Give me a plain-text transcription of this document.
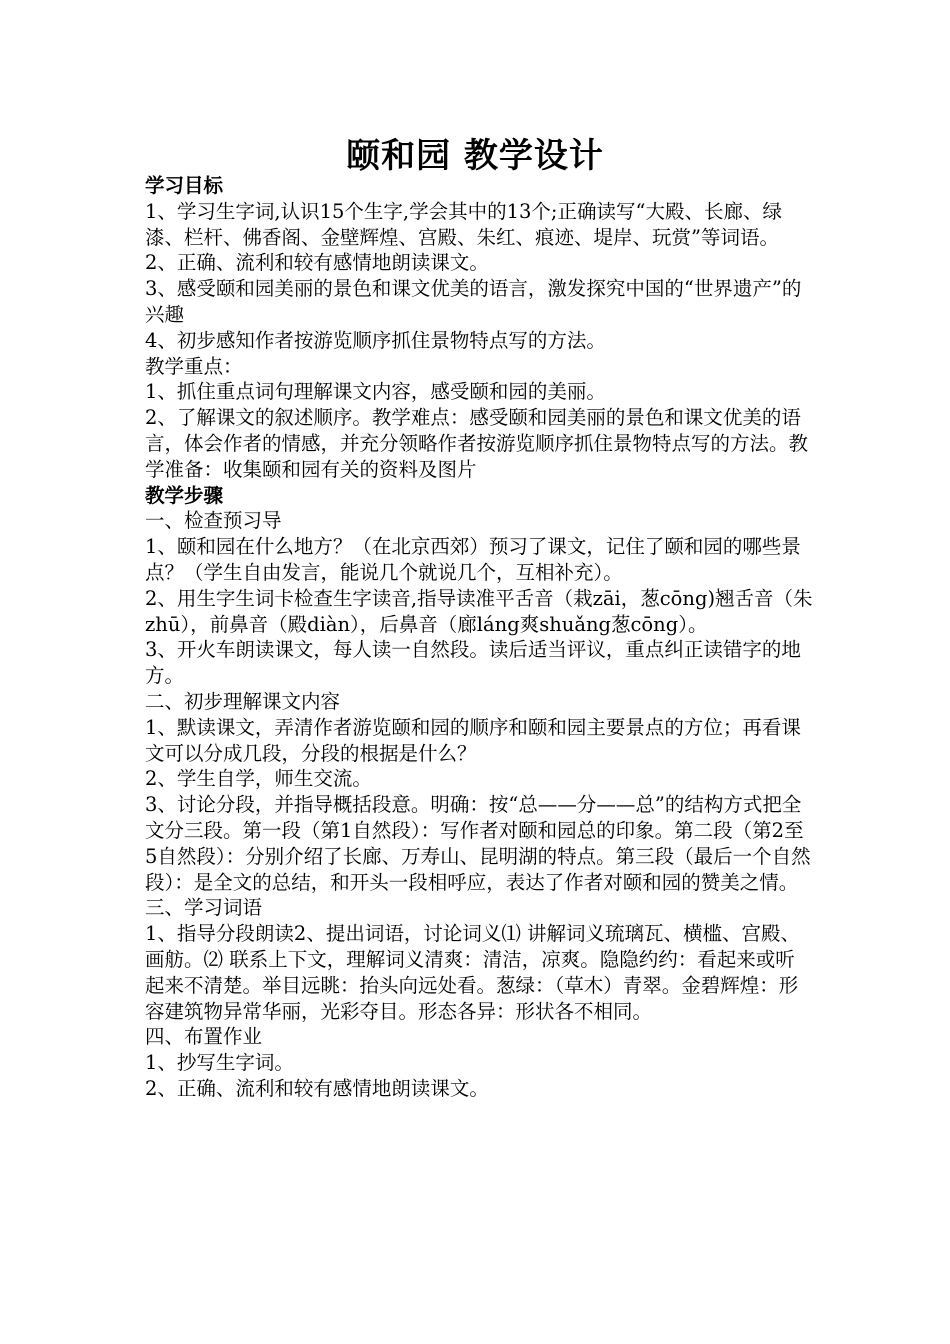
颐和园 教学设计

学习目标

1、学习生字词,认识15个生字,学会其中的13个;正确读写“大殿、长廊、绿漆、栏杆、佛香阁、金壁辉煌、宫殿、朱红、痕迹、堤岸、玩赏”等词语。

2、正确、流利和较有感情地朗读课文。

3、感受颐和园美丽的景色和课文优美的语言，激发探究中国的“世界遗产”的兴趣

4、初步感知作者按游览顺序抓住景物特点写的方法。

教学重点：

1、抓住重点词句理解课文内容，感受颐和园的美丽。

2、了解课文的叙述顺序。教学难点：感受颐和园美丽的景色和课文优美的语言，体会作者的情感，并充分领略作者按游览顺序抓住景物特点写的方法。教学准备：收集颐和园有关的资料及图片

教学步骤

一、检查预习导

1、颐和园在什么地方？（在北京西郊）预习了课文，记住了颐和园的哪些景点？（学生自由发言，能说几个就说几个，互相补充）。

2、用生字生词卡检查生字读音,指导读准平舌音（栽zāi，葱cōng)翘舌音（朱zhū），前鼻音（殿diàn），后鼻音（廊láng爽shuǎng葱cōng）。

3、开火车朗读课文，每人读一自然段。读后适当评议，重点纠正读错字的地方。

二、初步理解课文内容

1、默读课文，弄清作者游览颐和园的顺序和颐和园主要景点的方位；再看课文可以分成几段，分段的根据是什么？

2、学生自学，师生交流。

3、讨论分段，并指导概括段意。明确：按“总——分——总”的结构方式把全文分三段。第一段（第1自然段）：写作者对颐和园总的印象。第二段（第2至5自然段）：分别介绍了长廊、万寿山、昆明湖的特点。第三段（最后一个自然段）：是全文的总结，和开头一段相呼应，表达了作者对颐和园的赞美之情。

三、学习词语

1、指导分段朗读2、提出词语，讨论词义⑴ 讲解词义琉璃瓦、横槛、宫殿、画舫。⑵ 联系上下文，理解词义清爽：清洁，凉爽。隐隐约约：看起来或听起来不清楚。举目远眺：抬头向远处看。葱绿：（草木）青翠。金碧辉煌：形容建筑物异常华丽，光彩夺目。形态各异：形状各不相同。

四、布置作业

1、抄写生字词。

2、正确、流利和较有感情地朗读课文。
